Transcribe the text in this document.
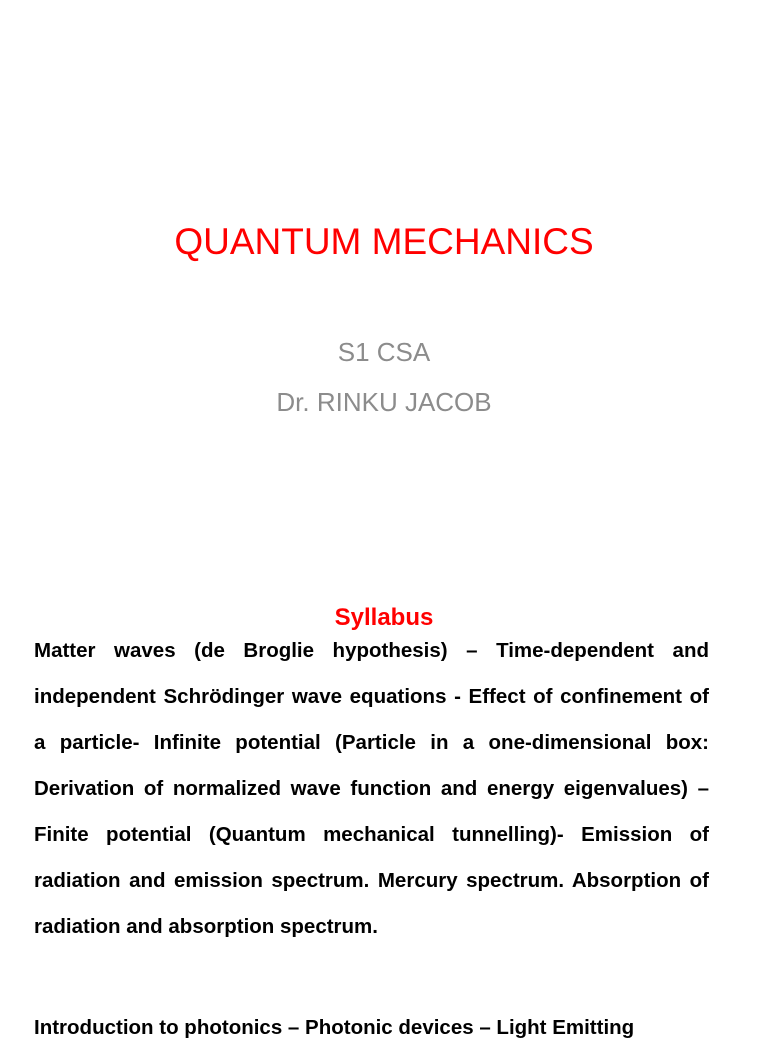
QUANTUM MECHANICS
S1 CSA
Dr. RINKU JACOB
Syllabus

Matter waves (de Broglie hypothesis) – Time-dependent and independent Schrödinger wave equations - Effect of confinement of a particle- Infinite potential (Particle in a one-dimensional box: Derivation of normalized wave function and energy eigenvalues) – Finite potential (Quantum mechanical tunnelling)- Emission of radiation and emission spectrum. Mercury spectrum. Absorption of radiation and absorption spectrum.

Introduction to photonics – Photonic devices – Light Emitting
